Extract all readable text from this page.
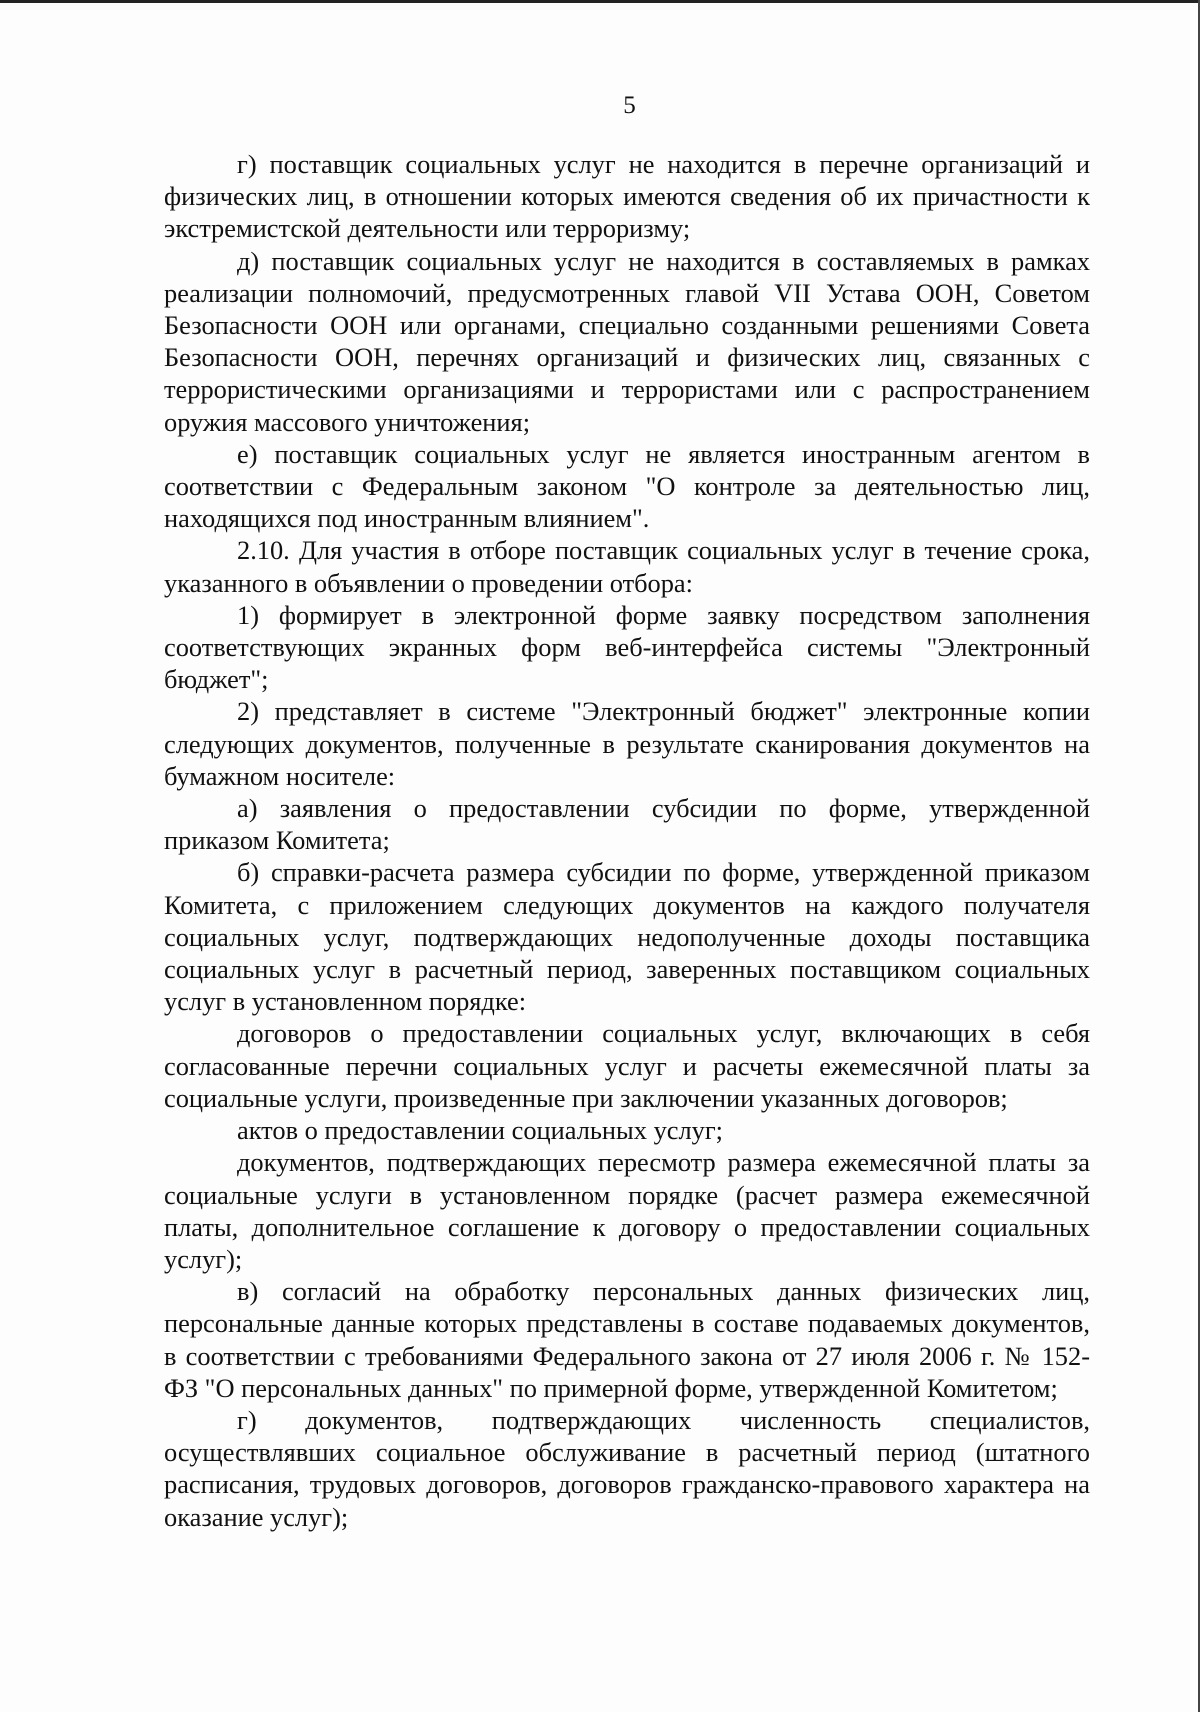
5

г) поставщик социальных услуг не находится в перечне организаций и физических лиц, в отношении которых имеются сведения об их причастности к экстремистской деятельности или терроризму;

д) поставщик социальных услуг не находится в составляемых в рамках реализации полномочий, предусмотренных главой VII Устава ООН, Советом Безопасности ООН или органами, специально созданными решениями Совета Безопасности ООН, перечнях организаций и физических лиц, связанных с террористическими организациями и террористами или с распространением оружия массового уничтожения;

е) поставщик социальных услуг не является иностранным агентом в соответствии с Федеральным законом "О контроле за деятельностью лиц, находящихся под иностранным влиянием".

2.10. Для участия в отборе поставщик социальных услуг в течение срока, указанного в объявлении о проведении отбора:

1) формирует в электронной форме заявку посредством заполнения соответствующих экранных форм веб-интерфейса системы "Электронный бюджет";

2) представляет в системе "Электронный бюджет" электронные копии следующих документов, полученные в результате сканирования документов на бумажном носителе:

а) заявления о предоставлении субсидии по форме, утвержденной приказом Комитета;

б) справки-расчета размера субсидии по форме, утвержденной приказом Комитета, с приложением следующих документов на каждого получателя социальных услуг, подтверждающих недополученные доходы поставщика социальных услуг в расчетный период, заверенных поставщиком социальных услуг в установленном порядке:

договоров о предоставлении социальных услуг, включающих в себя согласованные перечни социальных услуг и расчеты ежемесячной платы за социальные услуги, произведенные при заключении указанных договоров;

актов о предоставлении социальных услуг;

документов, подтверждающих пересмотр размера ежемесячной платы за социальные услуги в установленном порядке (расчет размера ежемесячной платы, дополнительное соглашение к договору о предоставлении социальных услуг);

в) согласий на обработку персональных данных физических лиц, персональные данные которых представлены в составе подаваемых документов, в соответствии с требованиями Федерального закона от 27 июля 2006 г. № 152-ФЗ "О персональных данных" по примерной форме, утвержденной Комитетом;

г) документов, подтверждающих численность специалистов, осуществлявших социальное обслуживание в расчетный период (штатного расписания, трудовых договоров, договоров гражданско-правового характера на оказание услуг);
